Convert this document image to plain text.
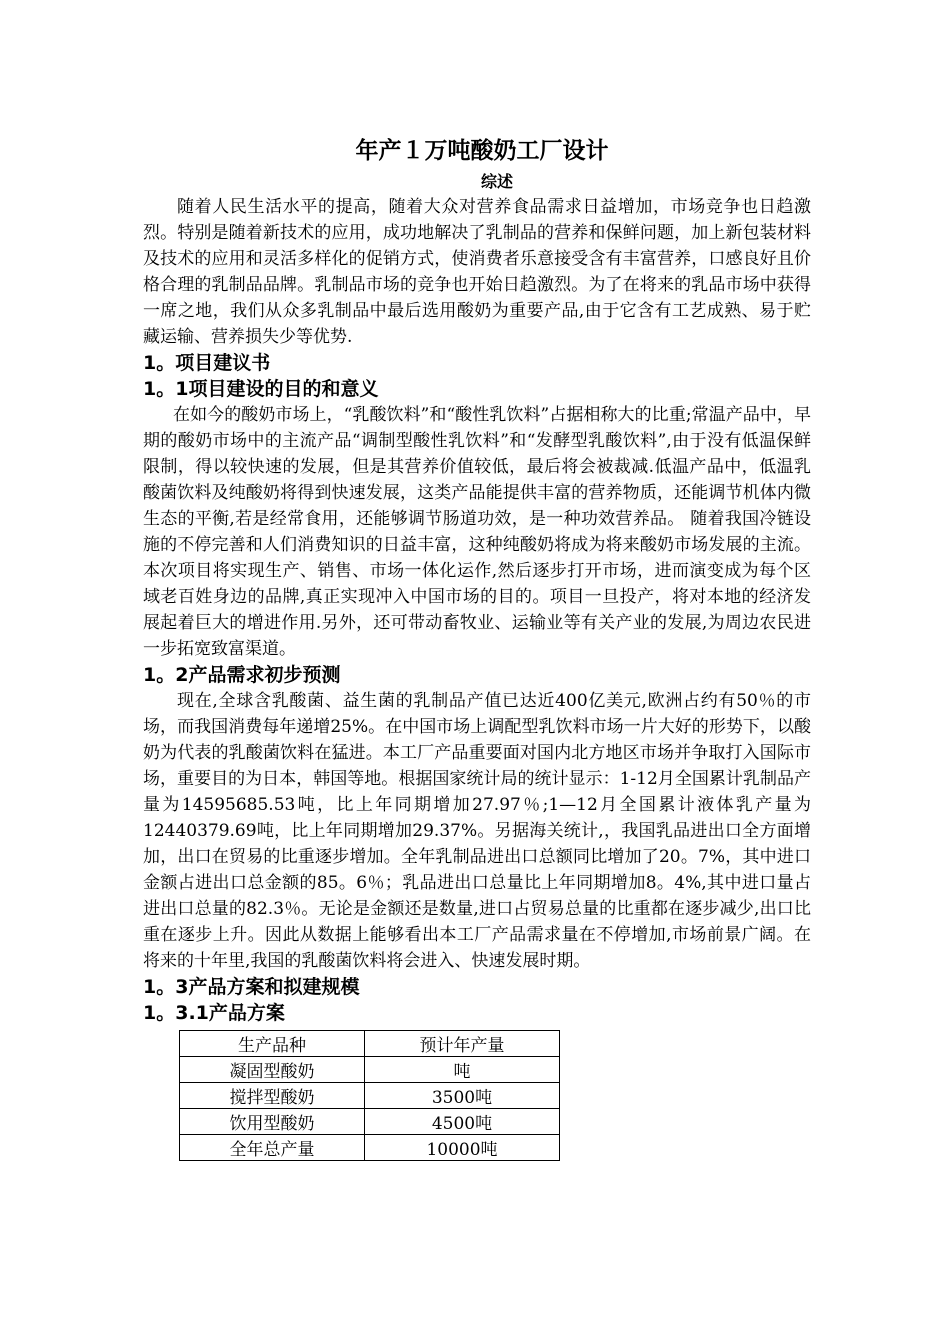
年产１万吨酸奶工厂设计
综述

随着人民生活水平的提高，随着大众对营养食品需求日益增加，市场竞争也日趋激烈。特别是随着新技术的应用，成功地解决了乳制品的营养和保鲜问题，加上新包装材料及技术的应用和灵活多样化的促销方式，使消费者乐意接受含有丰富营养，口感良好且价格合理的乳制品品牌。乳制品市场的竞争也开始日趋激烈。为了在将来的乳品市场中获得一席之地，我们从众多乳制品中最后选用酸奶为重要产品,由于它含有工艺成熟、易于贮藏运输、营养损失少等优势.

1。项目建议书
1。1项目建设的目的和意义

在如今的酸奶市场上，“乳酸饮料”和“酸性乳饮料”占据相称大的比重;常温产品中，早期的酸奶市场中的主流产品“调制型酸性乳饮料”和“发酵型乳酸饮料”,由于没有低温保鲜限制，得以较快速的发展，但是其营养价值较低，最后将会被裁减.低温产品中，低温乳酸菌饮料及纯酸奶将得到快速发展，这类产品能提供丰富的营养物质，还能调节机体内微生态的平衡,若是经常食用，还能够调节肠道功效，是一种功效营养品。 随着我国冷链设施的不停完善和人们消费知识的日益丰富，这种纯酸奶将成为将来酸奶市场发展的主流。本次项目将实现生产、销售、市场一体化运作,然后逐步打开市场，进而演变成为每个区域老百姓身边的品牌,真正实现冲入中国市场的目的。项目一旦投产，将对本地的经济发展起着巨大的增进作用.另外，还可带动畜牧业、运输业等有关产业的发展,为周边农民进一步拓宽致富渠道。

1。2产品需求初步预测

现在,全球含乳酸菌、益生菌的乳制品产值已达近400亿美元,欧洲占约有50％的市场，而我国消费每年递增25%。在中国市场上调配型乳饮料市场一片大好的形势下，以酸奶为代表的乳酸菌饮料在猛进。本工厂产品重要面对国内北方地区市场并争取打入国际市场，重要目的为日本，韩国等地。根据国家统计局的统计显示：1-12月全国累计乳制品产量为14595685.53吨，比上年同期增加27.97％;1—12月全国累计液体乳产量为12440379.69吨，比上年同期增加29.37%。另据海关统计,，我国乳品进出口全方面增加，出口在贸易的比重逐步增加。全年乳制品进出口总额同比增加了20。7%，其中进口金额占进出口总金额的85。6％；乳品进出口总量比上年同期增加8。4%,其中进口量占进出口总量的82.3％。无论是金额还是数量,进口占贸易总量的比重都在逐步减少,出口比重在逐步上升。因此从数据上能够看出本工厂产品需求量在不停增加,市场前景广阔。在将来的十年里,我国的乳酸菌饮料将会进入、快速发展时期。

1。3产品方案和拟建规模
1。3.1产品方案
生产品种	预计年产量
凝固型酸奶	吨
搅拌型酸奶	3500吨
饮用型酸奶	4500吨
全年总产量	10000吨
